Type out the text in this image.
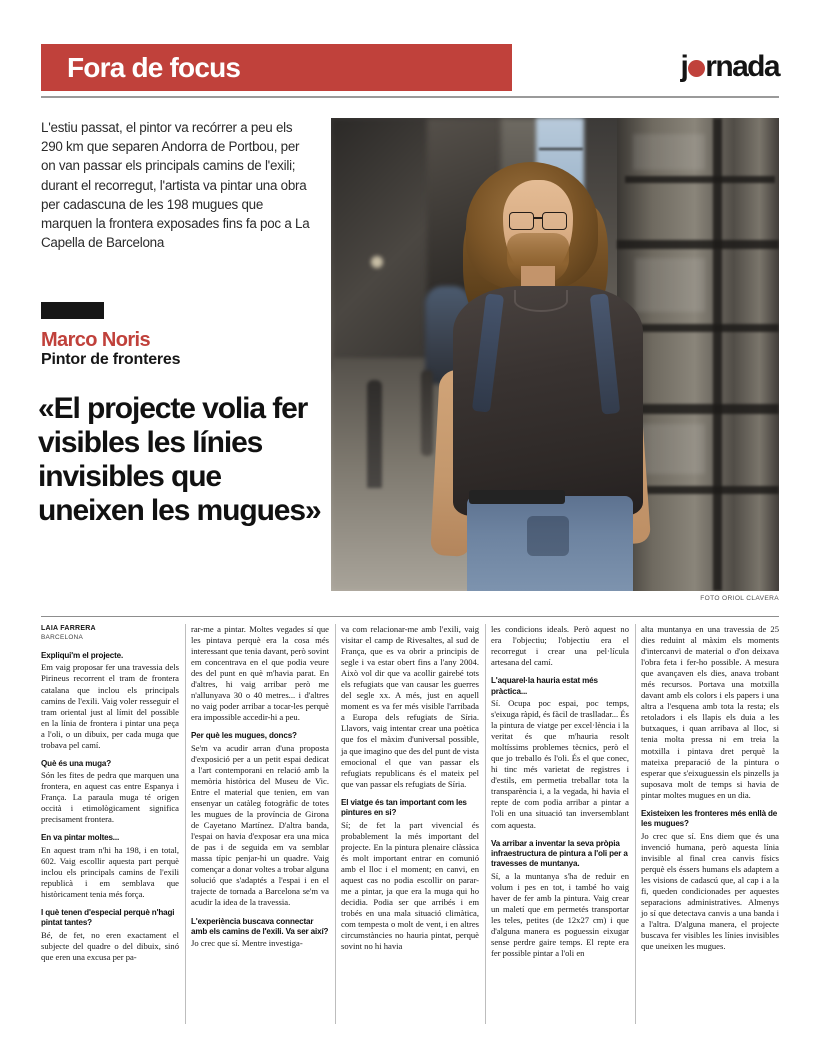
Fora de focus	j rnada
L'estiu passat, el pintor va recórrer a peu els 290 km que separen Andorra de Portbou, per on van passar els principals camins de l'exili; durant el recorregut, l'artista va pintar una obra per cadascuna de les 198 mugues que marquen la frontera exposades fins fa poc a La Capella de Barcelona
Marco Noris
Pintor de fronteres
«El projecte volia fer visibles les línies invisibles que uneixen les mugues»
FOTO ORIOL CLAVERA
LAIA FARRERA
BARCELONA
Expliqui'm el projecte.
Em vaig proposar fer una travessia dels Pirineus recorrent el tram de frontera catalana que inclou els principals camins de l'exili. Vaig voler resseguir el tram oriental just al límit del possible en la línia de frontera i pintar una peça a l'oli, o un dibuix, per cada muga que trobava pel camí.
Què és una muga?
Són les fites de pedra que marquen una frontera, en aquest cas entre Espanya i França. La paraula muga té origen occità i etimològicament significa precisament frontera.
En va pintar moltes...
En aquest tram n'hi ha 198, i en total, 602. Vaig escollir aquesta part perquè inclou els principals camins de l'exili republicà i em semblava que històricament tenia més força.
I què tenen d'especial perquè n'hagi pintat tantes?
Bé, de fet, no eren exactament el subjecte del quadre o del dibuix, sinó que eren una excusa per pa-
rar-me a pintar. Moltes vegades sí que les pintava perquè era la cosa més interessant que tenia davant, però sovint em concentrava en el que podia veure des del punt en què m'havia parat. En d'altres, hi vaig arribar però me n'allunyava 30 o 40 metres... i d'altres no vaig poder arribar a tocar-les perquè era impossible accedir-hi a peu.
Per què les mugues, doncs?
Se'm va acudir arran d'una proposta d'exposició per a un petit espai dedicat a l'art contemporani en relació amb la memòria històrica del Museu de Vic. Entre el material que tenien, em van ensenyar un catàleg fotogràfic de totes les mugues de la província de Girona de Cayetano Martínez. D'altra banda, l'espai on havia d'exposar era una mica de pas i de seguida em va semblar massa típic penjar-hi un quadre. Vaig començar a donar voltes a trobar alguna solució que s'adaptés a l'espai i en el trajecte de tornada a Barcelona se'm va acudir la idea de la travessia.
L'experiència buscava connectar amb els camins de l'exili. Va ser així?
Jo crec que sí. Mentre investiga-
va com relacionar-me amb l'exili, vaig visitar el camp de Rivesaltes, al sud de França, que es va obrir a principis de segle i va estar obert fins a l'any 2004. Això vol dir que va acollir gairebé tots els refugiats que van causar les guerres del segle xx. A més, just en aquell moment es va fer més visible l'arribada a Europa dels refugiats de Síria. Llavors, vaig intentar crear una poètica que fos el màxim d'universal possible, ja que imagino que des del punt de vista emocional el que van passar els refugiats republicans és el mateix pel que van passar els refugiats de Síria.
El viatge és tan important com les pintures en si?
Sí; de fet la part vivencial és probablement la més important del projecte. En la pintura plenaire clàssica és molt important entrar en comunió amb el lloc i el moment; en canvi, en aquest cas no podia escollir on parar-me a pintar, ja que era la muga qui ho decidia. Podia ser que arribés i em trobés en una mala situació climàtica, com tempesta o molt de vent, i en altres circumstàncies no hauria pintat, perquè sovint no hi havia
les condicions ideals. Però aquest no era l'objectiu; l'objectiu era el recorregut i crear una pel·lícula artesana del camí.
L'aquarel·la hauria estat més pràctica...
Sí. Ocupa poc espai, poc temps, s'eixuga ràpid, és fàcil de traslladar... És la pintura de viatge per excel·lència i la veritat és que m'hauria resolt moltíssims problemes tècnics, però el que jo treballo és l'oli. És el que conec, hi tinc més varietat de registres i d'estils, em permetia treballar tota la transparència i, a la vegada, hi havia el repte de com podia arribar a pintar a l'oli en una situació tan inversemblant com aquesta.
Va arribar a inventar la seva pròpia infraestructura de pintura a l'oli per a travesses de muntanya.
Sí, a la muntanya s'ha de reduir en volum i pes en tot, i també ho vaig haver de fer amb la pintura. Vaig crear un maletí que em permetés transportar les teles, petites (de 12x27 cm) i que d'alguna manera es poguessin eixugar sense perdre gaire temps. El repte era fer possible pintar a l'oli en
alta muntanya en una travessia de 25 dies reduint al màxim els moments d'intercanvi de material o d'on deixava l'obra feta i fer-ho possible. A mesura que avançaven els dies, anava trobant més recursos. Portava una motxilla davant amb els colors i els papers i una altra a l'esquena amb tota la resta; els retoladors i els llapis els duia a les butxaques, i quan arribava al lloc, si tenia molta pressa ni em treia la motxilla i pintava dret perquè la mateixa preparació de la pintura o esperar que s'eixuguessin els pinzells ja suposava molt de temps si havia de pintar moltes mugues en un dia.
Existeixen les fronteres més enllà de les mugues?
Jo crec que sí. Ens diem que és una invenció humana, però aquesta línia invisible al final crea canvis físics perquè els éssers humans els adaptem a les visions de cadascú que, al cap i a la fi, queden condicionades per aquestes separacions administratives. Almenys jo sí que detectava canvis a una banda i a l'altra. D'alguna manera, el projecte buscava fer visibles les línies invisibles que uneixen les mugues.
